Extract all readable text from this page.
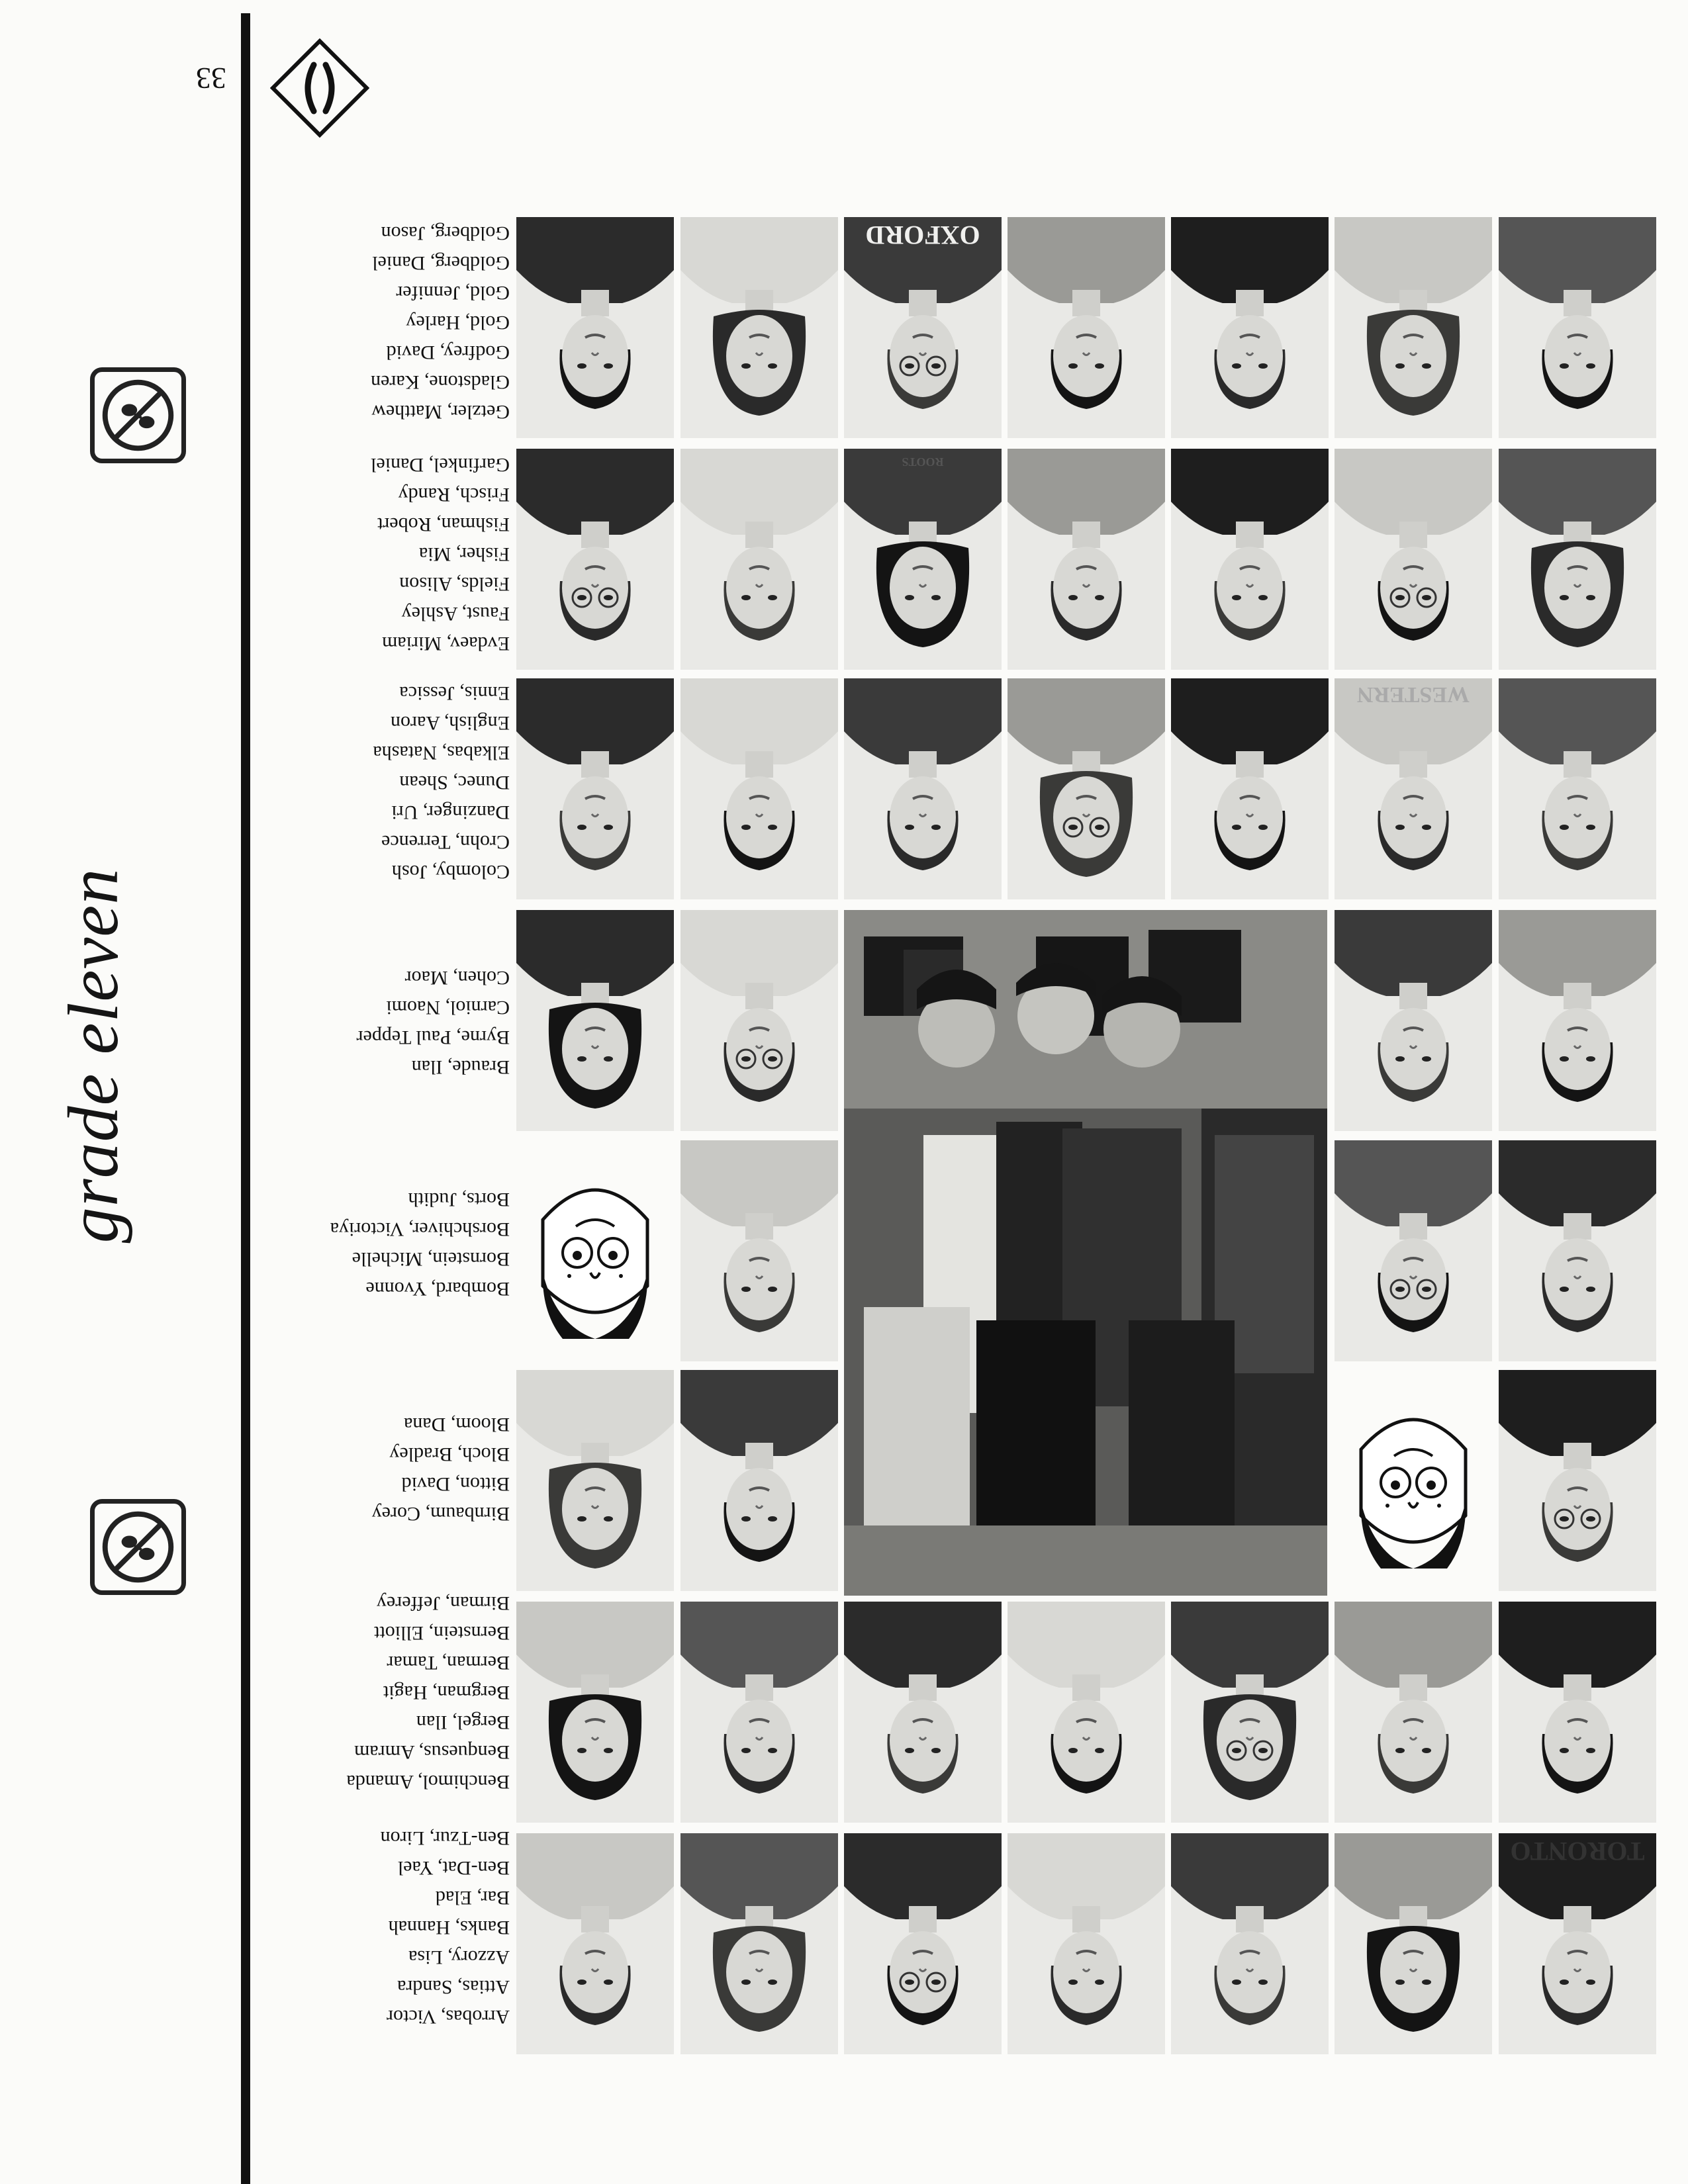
33
grade eleven
Getzler, Matthew
Gladstone, Karen
Godfrey, David
Gold, Harley
Gold, Jennifer
Goldberg, Daniel
Goldberg, Jason
Evdaev, Miriam
Faust, Ashley
Fields, Alison
Fisher, Mia
Fishman, Robert
Frisch, Randy
Garfinkel, Daniel
Colomby, Josh
Crohn, Terrence
Danzinger, Uri
Dunec, Shean
Elkabas, Natasha
English, Aaron
Ennis, Jessica
Braude, Ilan
Byrne, Paul Tepper
Carniol, Naomi
Cohen, Maor
Bombard, Yvonne
Bornstein, Michelle
Borshchiver, Victoriya
Borts, Judith
Birnbaum, Corey
Bitton, David
Bloch, Bradley
Bloom, Dana
Benchimol, Amanda
Benquesus, Amram
Bergel, Ilan
Bergman, Hagit
Berman, Tamar
Bernstein, Elliott
Birman, Jefferey
Arrobas, Victor
Attias, Sandra
Azzory, Lisa
Banks, Hannah
Bar, Elad
Ben-Dat, Yael
Ben-Tzur, Liron
OXFORD
ROOTS
WESTERN
TORONTO
